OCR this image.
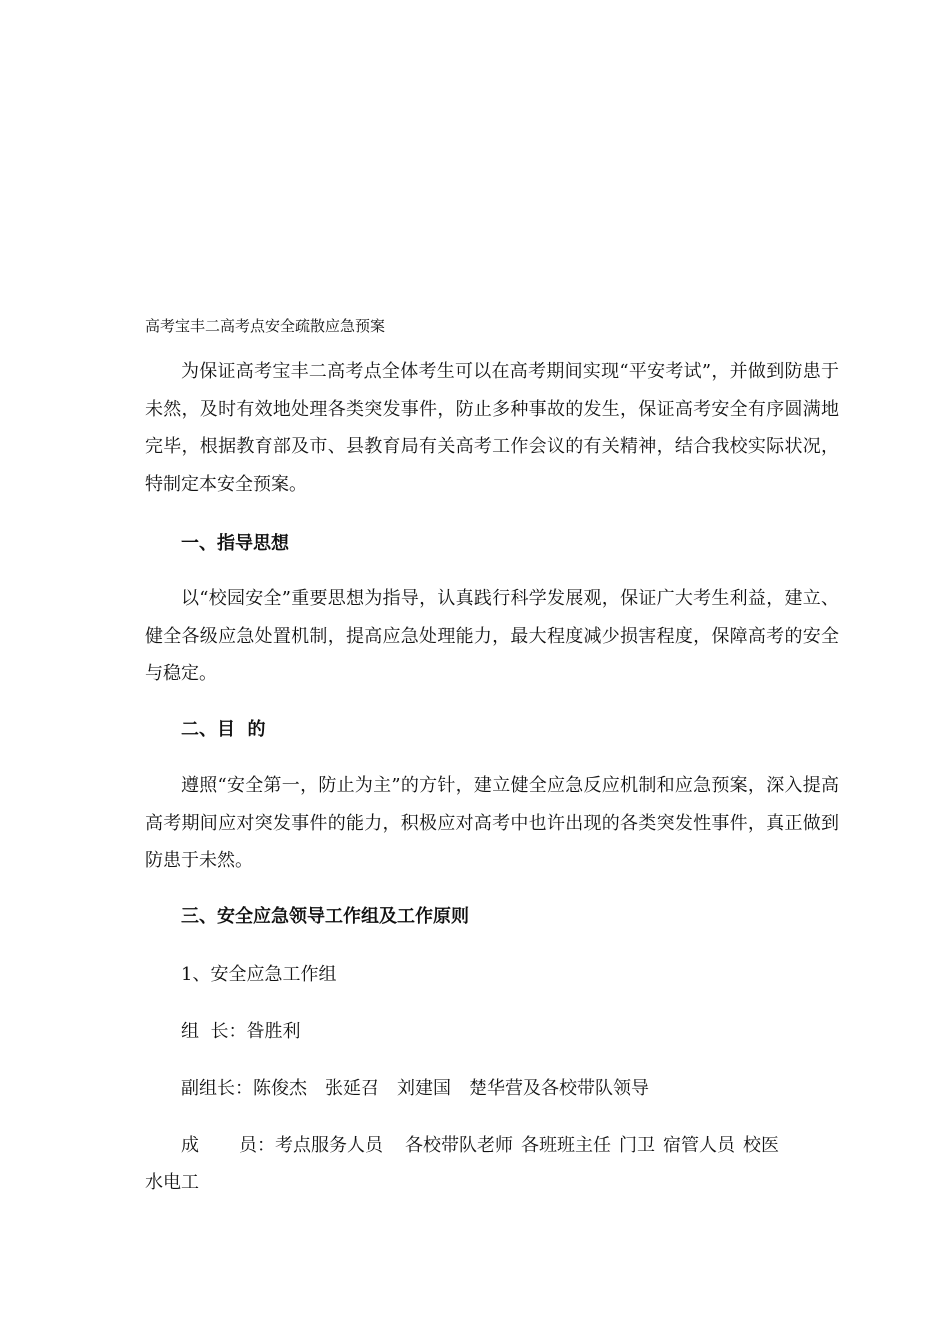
高考宝丰二高考点安全疏散应急预案

为保证高考宝丰二高考点全体考生可以在高考期间实现“平安考试”，并做到防患于未然，及时有效地处理各类突发事件，防止多种事故的发生，保证高考安全有序圆满地完毕，根据教育部及市、县教育局有关高考工作会议的有关精神，结合我校实际状况，特制定本安全预案。

一、指导思想

以“校园安全”重要思想为指导，认真践行科学发展观，保证广大考生利益，建立、健全各级应急处置机制，提高应急处理能力，最大程度减少损害程度，保障高考的安全与稳定。

二、目  的

遵照“安全第一，防止为主”的方针，建立健全应急反应机制和应急预案，深入提高高考期间应对突发事件的能力，积极应对高考中也许出现的各类突发性事件，真正做到防患于未然。

三、安全应急领导工作组及工作原则
1、安全应急工作组
组  长：昝胜利
副组长：陈俊杰 张延召 刘建国 楚华营及各校带队领导
成 员：考点服务人员 各校带队老师 各班班主任 门卫 宿管人员 校医
水电工
